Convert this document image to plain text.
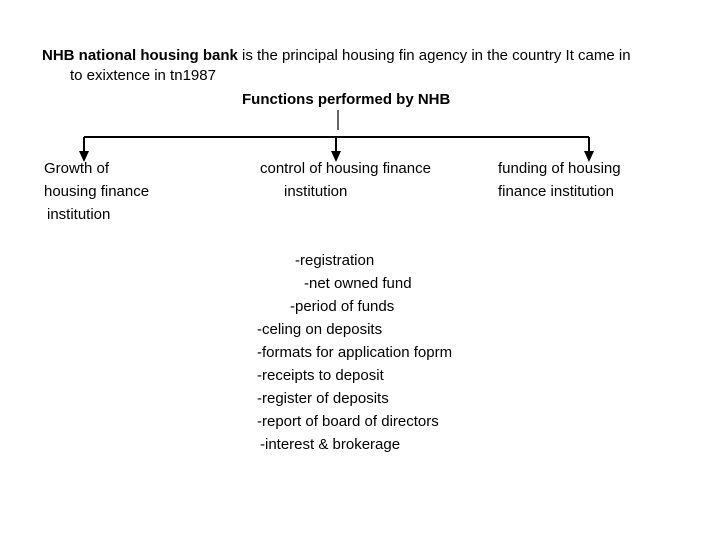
NHB national housing bank is the principal housing fin agency in the country It came in
to exixtence in tn1987
Functions performed by NHB
Growth of
housing finance
institution
control of housing finance
institution
funding of housing
finance institution
-registration
-net owned fund
-period of funds
-celing on deposits
-formats for application foprm
-receipts to deposit
-register of deposits
-report of board of directors
-interest & brokerage
